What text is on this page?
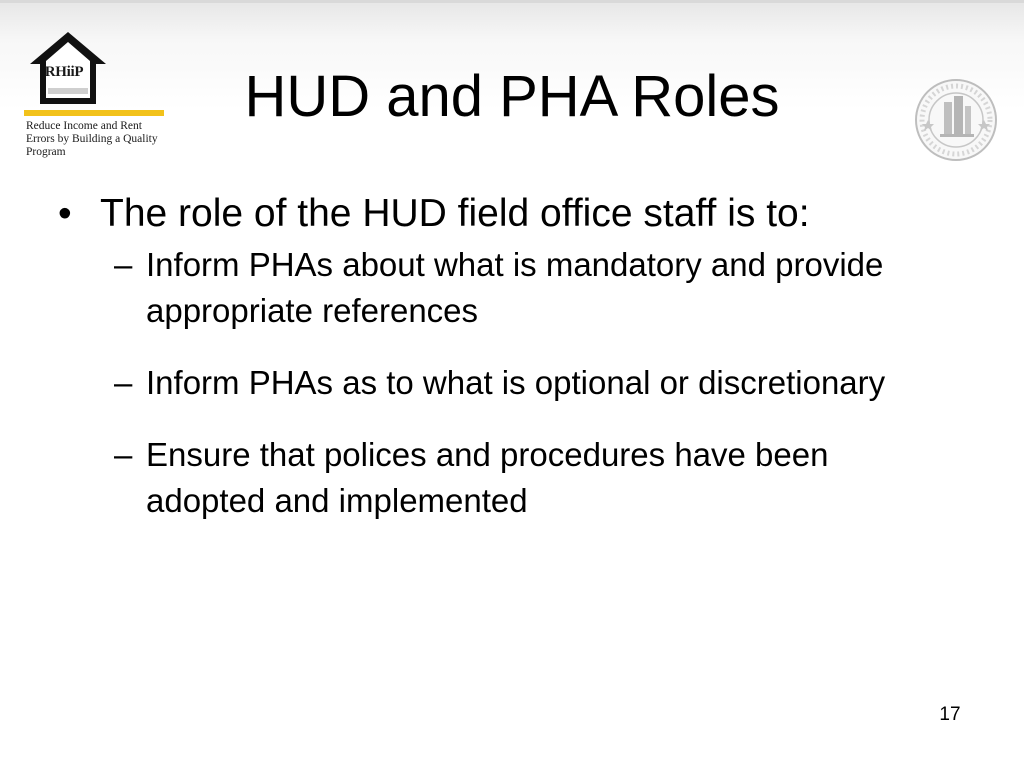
RHiiP
Reduce Income and Rent
Errors by Building a Quality
Program
HUD and PHA Roles
• The role of the HUD field office staff is to:
– Inform PHAs about what is mandatory and provide appropriate references
– Inform PHAs as to what is optional or discretionary
– Ensure that polices and procedures have been adopted and implemented
17
